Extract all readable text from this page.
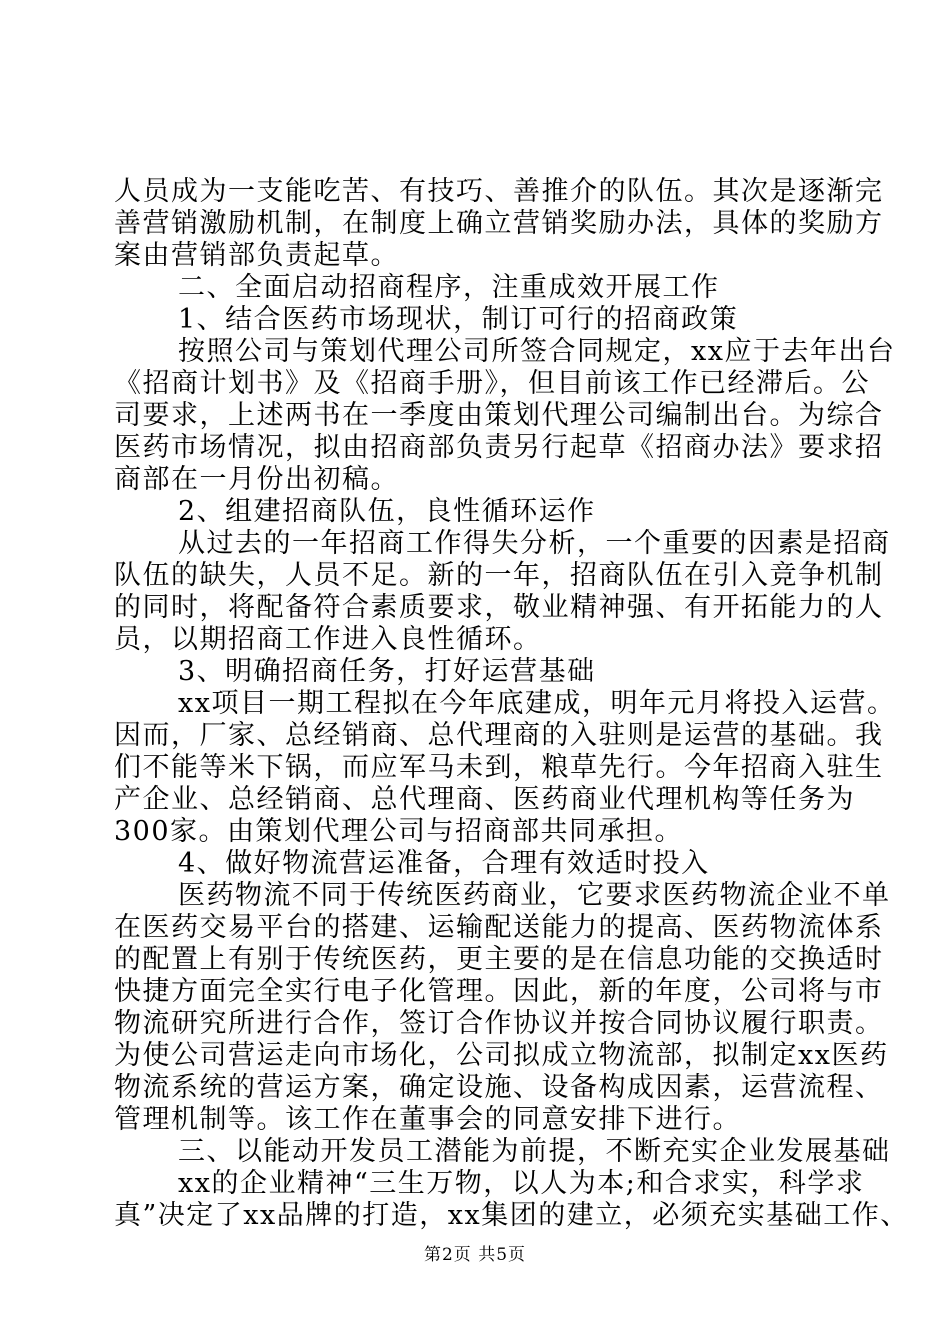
人员成为一支能吃苦、有技巧、善推介的队伍。其次是逐渐完
善营销激励机制，在制度上确立营销奖励办法，具体的奖励方
案由营销部负责起草。
二、全面启动招商程序，注重成效开展工作
1、结合医药市场现状，制订可行的招商政策
按照公司与策划代理公司所签合同规定，xx应于去年出台
《招商计划书》及《招商手册》，但目前该工作已经滞后。公
司要求，上述两书在一季度由策划代理公司编制出台。为综合
医药市场情况，拟由招商部负责另行起草《招商办法》要求招
商部在一月份出初稿。
2、组建招商队伍，良性循环运作
从过去的一年招商工作得失分析，一个重要的因素是招商
队伍的缺失，人员不足。新的一年，招商队伍在引入竞争机制
的同时，将配备符合素质要求，敬业精神强、有开拓能力的人
员，以期招商工作进入良性循环。
3、明确招商任务，打好运营基础
xx项目一期工程拟在今年底建成，明年元月将投入运营。
因而，厂家、总经销商、总代理商的入驻则是运营的基础。我
们不能等米下锅，而应军马未到，粮草先行。今年招商入驻生
产企业、总经销商、总代理商、医药商业代理机构等任务为
300家。由策划代理公司与招商部共同承担。
4、做好物流营运准备，合理有效适时投入
医药物流不同于传统医药商业，它要求医药物流企业不单
在医药交易平台的搭建、运输配送能力的提高、医药物流体系
的配置上有别于传统医药，更主要的是在信息功能的交换适时
快捷方面完全实行电子化管理。因此，新的年度，公司将与市
物流研究所进行合作，签订合作协议并按合同协议履行职责。
为使公司营运走向市场化，公司拟成立物流部，拟制定xx医药
物流系统的营运方案，确定设施、设备构成因素，运营流程、
管理机制等。该工作在董事会的同意安排下进行。
三、以能动开发员工潜能为前提，不断充实企业发展基础
xx的企业精神“三生万物，以人为本;和合求实，科学求
真”决定了xx品牌的打造，xx集团的建立，必须充实基础工作、
第2页 共5页
